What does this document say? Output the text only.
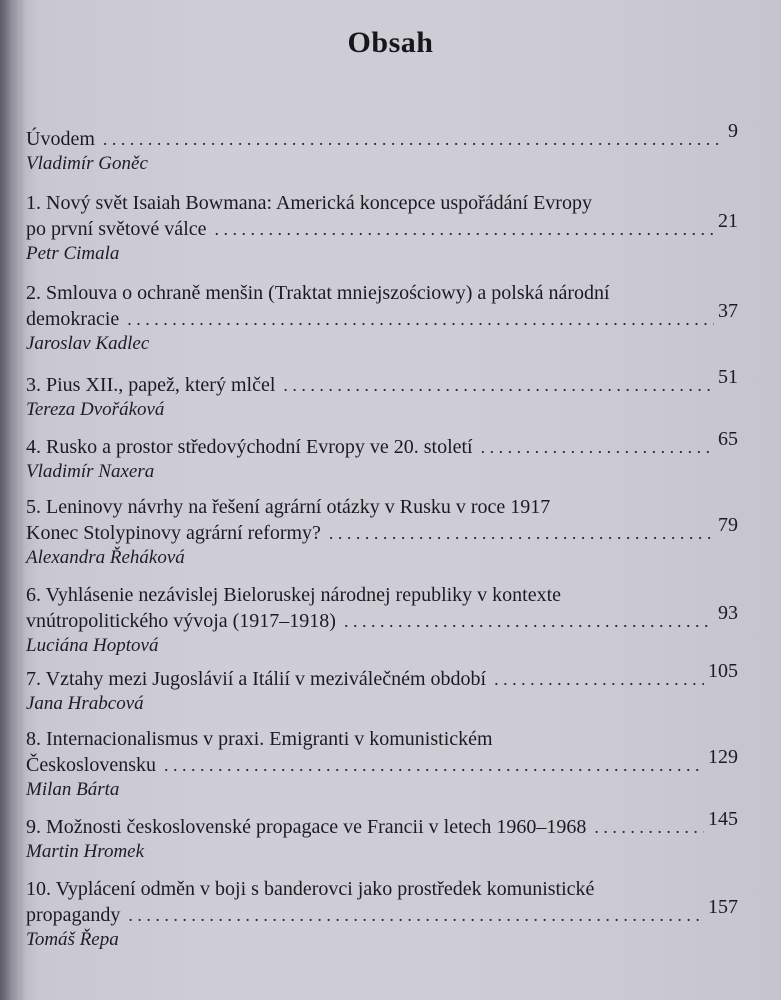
Obsah
Úvodem . . .	9
Vladimír Goněc
1. Nový svět Isaiah Bowmana: Americká koncepce uspořádání Evropy
po první světové válce . . .	21
Petr Cimala
2. Smlouva o ochraně menšin (Traktat mniejszościowy) a polská národní
demokracie . . .	37
Jaroslav Kadlec
3. Pius XII., papež, který mlčel . . .	51
Tereza Dvořáková
4. Rusko a prostor středovýchodní Evropy ve 20. století . . .	65
Vladimír Naxera
5. Leninovy návrhy na řešení agrární otázky v Rusku v roce 1917
Konec Stolypinovy agrární reformy? . . .	79
Alexandra Řeháková
6. Vyhlásenie nezávislej Bieloruskej národnej republiky v kontexte
vnútropolitického vývoja (1917–1918) . . .	93
Luciána Hoptová
7. Vztahy mezi Jugoslávií a Itálií v meziválečném období . . .	105
Jana Hrabcová
8. Internacionalismus v praxi. Emigranti v komunistickém
Československu . . .	129
Milan Bárta
9. Možnosti československé propagace ve Francii v letech 1960–1968 . . .	145
Martin Hromek
10. Vyplácení odměn v boji s banderovci jako prostředek komunistické
propagandy . . .	157
Tomáš Řepa
